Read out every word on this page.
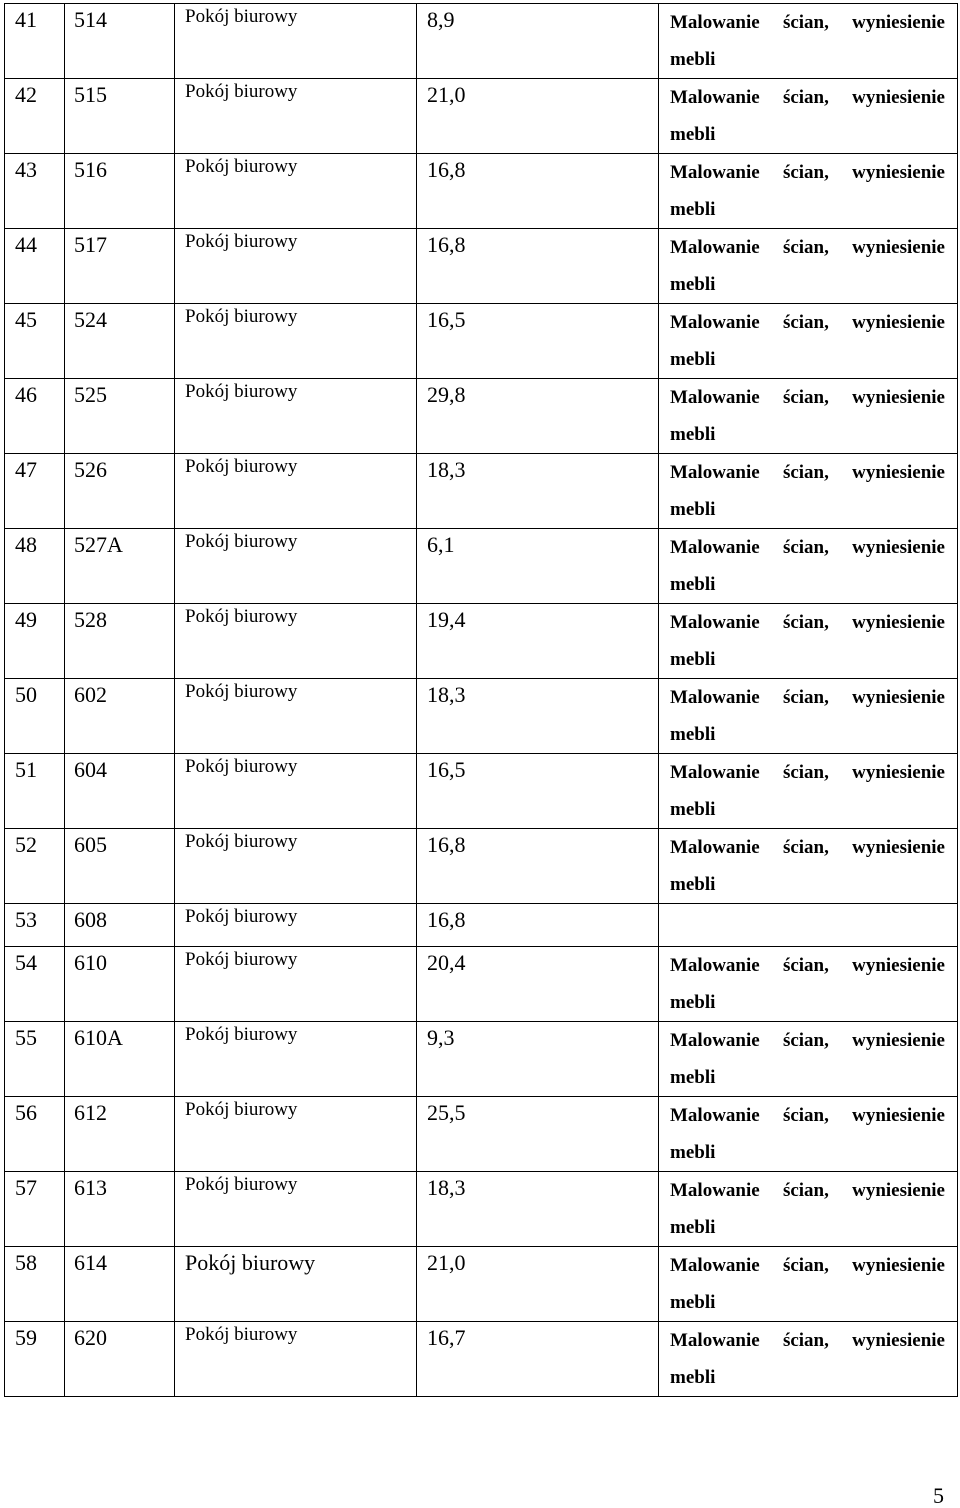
41	514	Pokój biurowy	8,9	Malowanie ścian, wyniesienie
mebli

42	515	Pokój biurowy	21,0	Malowanie ścian, wyniesienie
mebli

43	516	Pokój biurowy	16,8	Malowanie ścian, wyniesienie
mebli

44	517	Pokój biurowy	16,8	Malowanie ścian, wyniesienie
mebli

45	524	Pokój biurowy	16,5	Malowanie ścian, wyniesienie
mebli

46	525	Pokój biurowy	29,8	Malowanie ścian, wyniesienie
mebli

47	526	Pokój biurowy	18,3	Malowanie ścian, wyniesienie
mebli

48	527A	Pokój biurowy	6,1	Malowanie ścian, wyniesienie
mebli

49	528	Pokój biurowy	19,4	Malowanie ścian, wyniesienie
mebli

50	602	Pokój biurowy	18,3	Malowanie ścian, wyniesienie
mebli

51	604	Pokój biurowy	16,5	Malowanie ścian, wyniesienie
mebli

52	605	Pokój biurowy	16,8	Malowanie ścian, wyniesienie
mebli

53	608	Pokój biurowy	16,8	
54	610	Pokój biurowy	20,4	Malowanie ścian, wyniesienie
mebli

55	610A	Pokój biurowy	9,3	Malowanie ścian, wyniesienie
mebli

56	612	Pokój biurowy	25,5	Malowanie ścian, wyniesienie
mebli

57	613	Pokój biurowy	18,3	Malowanie ścian, wyniesienie
mebli

58	614	Pokój biurowy	21,0	Malowanie ścian, wyniesienie
mebli

59	620	Pokój biurowy	16,7	Malowanie ścian, wyniesienie
mebli
5
